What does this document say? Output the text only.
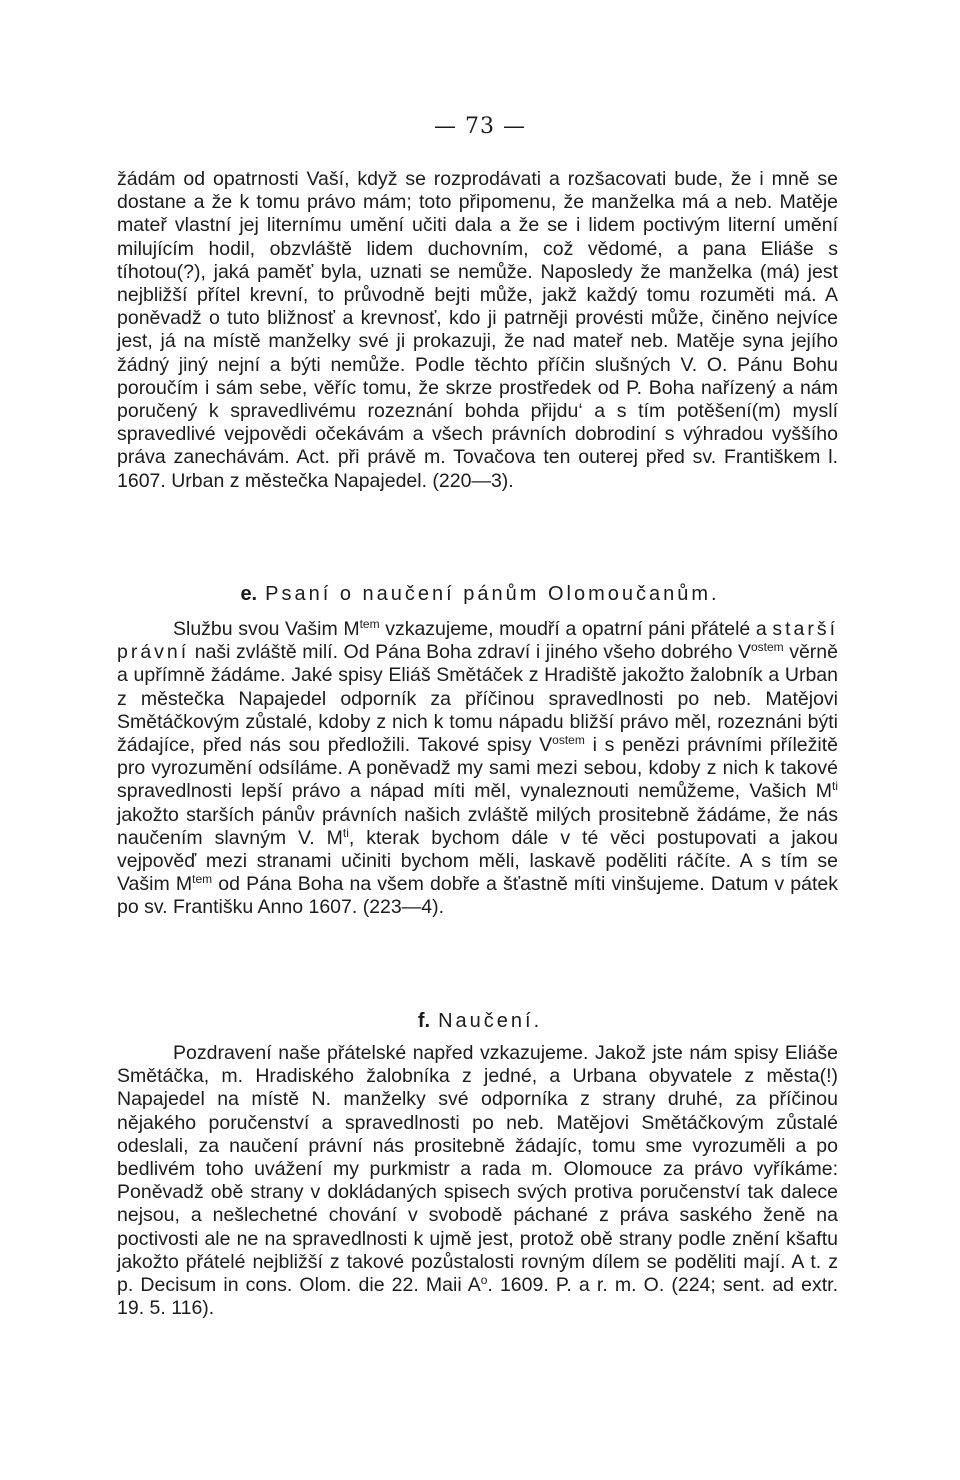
— 73 —

žádám od opatrnosti Vaší, když se rozprodávati a rozšacovati bude, že i mně se dostane a že k tomu právo mám; toto připomenu, že manželka má a neb. Matěje mateř vlastní jej liternímu umění učiti dala a že se i lidem poctivým literní umění milujícím hodil, obzvláště lidem duchovním, což vědomé, a pana Eliáše s tíhotou(?), jaká paměť byla, uznati se nemůže. Naposledy že manželka (má) jest nejbližší přítel krevní, to průvodně bejti může, jakž každý tomu rozuměti má. A poněvadž o tuto bližnosť a krevnosť, kdo ji patrněji provésti může, činěno nejvíce jest, já na místě manželky své ji prokazuji, že nad mateř neb. Matěje syna jejího žádný jiný nejní a býti nemůže. Podle těchto příčin slušných V. O. Pánu Bohu poroučím i sám sebe, věříc tomu, že skrze prostředek od P. Boha nařízený a nám poručený k spravedlivému rozeznání bohda přijdu‘ a s tím potěšení(m) myslí spravedlivé vejpovědi očekávám a všech právních dobrodiní s výhradou vyššího práva zanechávám. Act. při právě m. Tovačova ten outerej před sv. Františkem l. 1607. Urban z městečka Napajedel. (220—3).

e. Psaní o naučení pánům Olomoučanům.

Službu svou Vašim $M^{tem}$ vzkazujeme, moudří a opatrní páni přátelé a starší právní naši zvláště milí. Od Pána Boha zdraví i jiného všeho dobrého $V^{ostem}$ věrně a upřímně žádáme. Jaké spisy Eliáš Smětáček z Hradiště jakožto žalobník a Urban z městečka Napajedel odporník za příčinou spravedlnosti po neb. Matějovi Smětáčkovým zůstalé, kdoby z nich k tomu nápadu bližší právo měl, rozeznáni býti žádajíce, před nás sou předložili. Takové spisy $V^{ostem}$ i s penězi právními příležitě pro vyrozumění odsíláme. A poněvadž my sami mezi sebou, kdoby z nich k takové spravedlnosti lepší právo a nápad míti měl, vynaleznouti nemůžeme, Vašich $M^{ti}$ jakožto starších pánův právních našich zvláště milých prositebně žádáme, že nás naučením slavným V. $M^{ti}$, kterak bychom dále v té věci postupovati a jakou vejpověď mezi stranami učiniti bychom měli, laskavě poděliti ráčíte. A s tím se Vašim $M^{tem}$ od Pána Boha na všem dobře a šťastně míti vinšujeme. Datum v pátek po sv. Františku Anno 1607. (223—4).

f. Naučení.

Pozdravení naše přátelské napřed vzkazujeme. Jakož jste nám spisy Eliáše Smětáčka, m. Hradiského žalobníka z jedné, a Urbana obyvatele z města(!) Napajedel na místě N. manželky své odporníka z strany druhé, za příčinou nějakého poručenství a spravedlnosti po neb. Matějovi Smětáčkovým zůstalé odeslali, za naučení právní nás prositebně žádajíc, tomu sme vyrozuměli a po bedlivém toho uvážení my purkmistr a rada m. Olomouce za právo vyříkáme: Poněvadž obě strany v dokládaných spisech svých protiva poručenství tak dalece nejsou, a nešlechetné chování v svobodě páchané z práva saského ženě na poctivosti ale ne na spravedlnosti k ujmě jest, protož obě strany podle znění kšaftu jakožto přátelé nejbližší z takové pozůstalosti rovným dílem se poděliti mají. A t. z p. Decisum in cons. Olom. die 22. Maii $A^o$. 1609. P. a r. m. O. (224; sent. ad extr. 19. 5. 116).
